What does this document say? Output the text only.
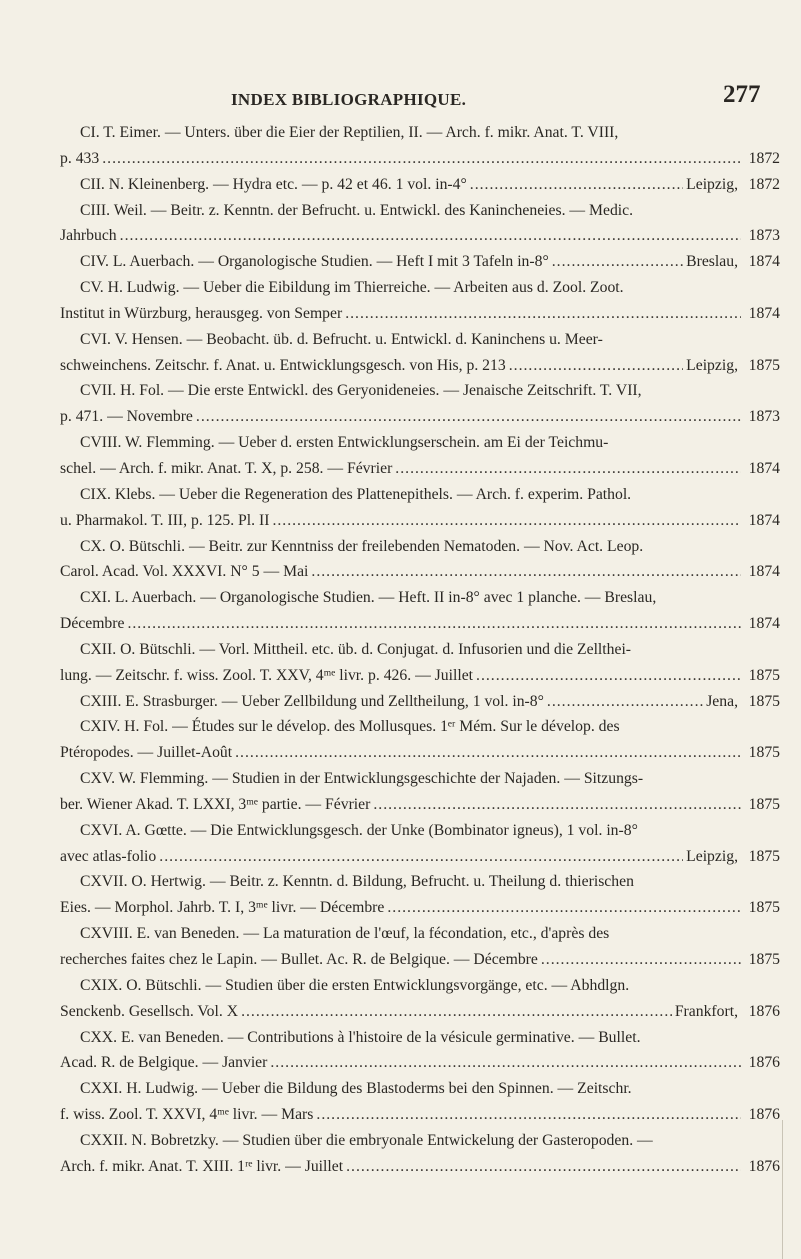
INDEX BIBLIOGRAPHIQUE.	277
CI. T. Eimer. — Unters. über die Eier der Reptilien, II. — Arch. f. mikr. Anat. T. VIII,
p. 433 .....	1872
CII. N. Kleinenberg. — Hydra etc. — p. 42 et 46. 1 vol. in-4° .....	Leipzig, 1872
CIII. Weil. — Beitr. z. Kenntn. der Befrucht. u. Entwickl. des Kanincheneies. — Medic.
Jahrbuch .....	1873
CIV. L. Auerbach. — Organologische Studien. — Heft I mit 3 Tafeln in-8° .....	Breslau, 1874
CV. H. Ludwig. — Ueber die Eibildung im Thierreiche. — Arbeiten aus d. Zool. Zoot.
Institut in Würzburg, herausgeg. von Semper .....	1874
CVI. V. Hensen. — Beobacht. üb. d. Befrucht. u. Entwickl. d. Kaninchens u. Meer-
schweinchens. Zeitschr. f. Anat. u. Entwicklungsgesch. von His, p. 213 .....	Leipzig, 1875
CVII. H. Fol. — Die erste Entwickl. des Geryonideneies. — Jenaische Zeitschrift. T. VII,
p. 471. — Novembre .....	1873
CVIII. W. Flemming. — Ueber d. ersten Entwicklungserschein. am Ei der Teichmu-
schel. — Arch. f. mikr. Anat. T. X, p. 258. — Février .....	1874
CIX. Klebs. — Ueber die Regeneration des Plattenepithels. — Arch. f. experim. Pathol.
u. Pharmakol. T. III, p. 125. Pl. II .....	1874
CX. O. Bütschli. — Beitr. zur Kenntniss der freilebenden Nematoden. — Nov. Act. Leop.
Carol. Acad. Vol. XXXVI. N° 5 — Mai .....	1874
CXI. L. Auerbach. — Organologische Studien. — Heft. II in-8° avec 1 planche. — Breslau,
Décembre .....	1874
CXII. O. Bütschli. — Vorl. Mittheil. etc. üb. d. Conjugat. d. Infusorien und die Zellthei-
lung. — Zeitschr. f. wiss. Zool. T. XXV, 4ᵐᵉ livr. p. 426. — Juillet .....	1875
CXIII. E. Strasburger. — Ueber Zellbildung und Zelltheilung, 1 vol. in-8° .....	Jena, 1875
CXIV. H. Fol. — Études sur le dévelop. des Mollusques. 1ᵉʳ Mém. Sur le dévelop. des
Ptéropodes. — Juillet-Août .....	1875
CXV. W. Flemming. — Studien in der Entwicklungsgeschichte der Najaden. — Sitzungs-
ber. Wiener Akad. T. LXXI, 3ᵐᵉ partie. — Février .....	1875
CXVI. A. Gœtte. — Die Entwicklungsgesch. der Unke (Bombinator igneus), 1 vol. in-8°
avec atlas-folio .....	Leipzig, 1875
CXVII. O. Hertwig. — Beitr. z. Kenntn. d. Bildung, Befrucht. u. Theilung d. thierischen
Eies. — Morphol. Jahrb. T. I, 3ᵐᵉ livr. — Décembre .....	1875
CXVIII. E. van Beneden. — La maturation de l'œuf, la fécondation, etc., d'après des
recherches faites chez le Lapin. — Bullet. Ac. R. de Belgique. — Décembre .....	1875
CXIX. O. Bütschli. — Studien über die ersten Entwicklungsvorgänge, etc. — Abhdlgn.
Senckenb. Gesellsch. Vol. X .....	Frankfort, 1876
CXX. E. van Beneden. — Contributions à l'histoire de la vésicule germinative. — Bullet.
Acad. R. de Belgique. — Janvier .....	1876
CXXI. H. Ludwig. — Ueber die Bildung des Blastoderms bei den Spinnen. — Zeitschr.
f. wiss. Zool. T. XXVI, 4ᵐᵉ livr. — Mars .....	1876
CXXII. N. Bobretzky. — Studien über die embryonale Entwickelung der Gasteropoden. —
Arch. f. mikr. Anat. T. XIII. 1ʳᵉ livr. — Juillet .....	1876
